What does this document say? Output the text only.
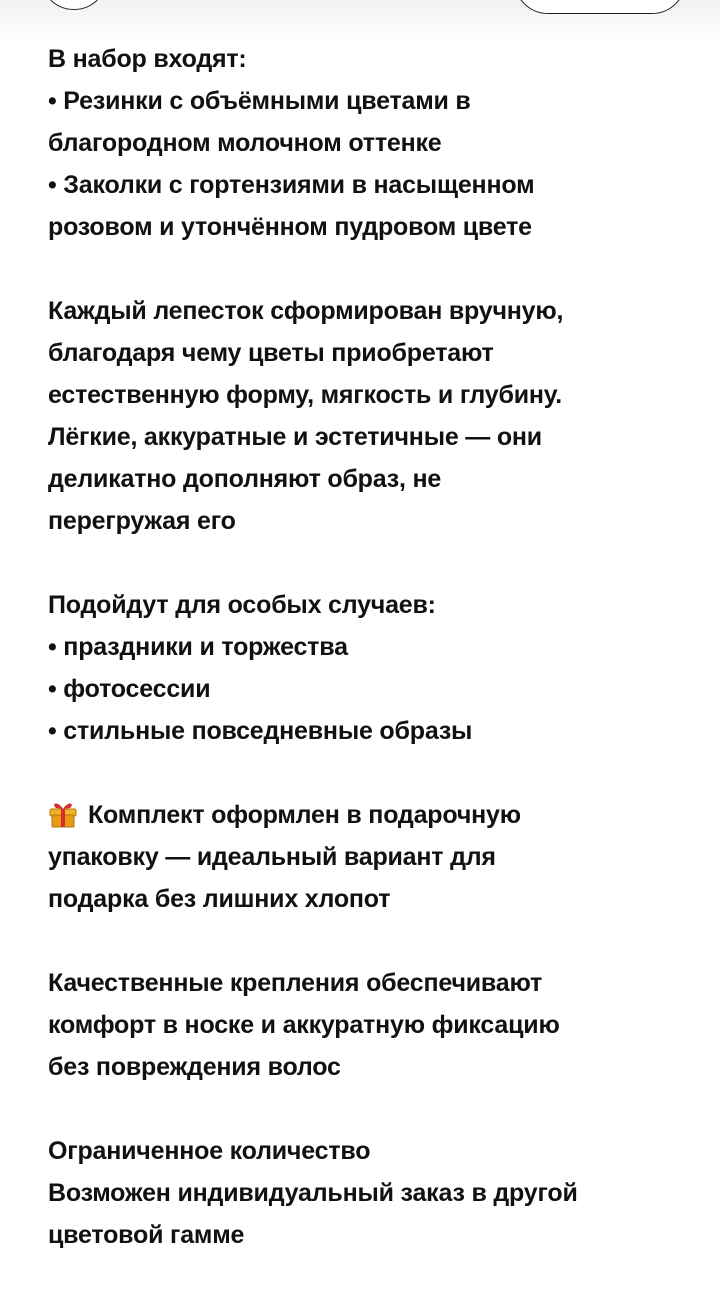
В набор входят:
• Резинки с объёмными цветами в
благородном молочном оттенке
• Заколки с гортензиями в насыщенном
розовом и утончённом пудровом цвете
Каждый лепесток сформирован вручную,
благодаря чему цветы приобретают
естественную форму, мягкость и глубину.
Лёгкие, аккуратные и эстетичные — они
деликатно дополняют образ, не
перегружая его
Подойдут для особых случаев:
• праздники и торжества
• фотосессии
• стильные повседневные образы
Комплект оформлен в подарочную
упаковку — идеальный вариант для
подарка без лишних хлопот
Качественные крепления обеспечивают
комфорт в носке и аккуратную фиксацию
без повреждения волос
Ограниченное количество
Возможен индивидуальный заказ в другой
цветовой гамме
